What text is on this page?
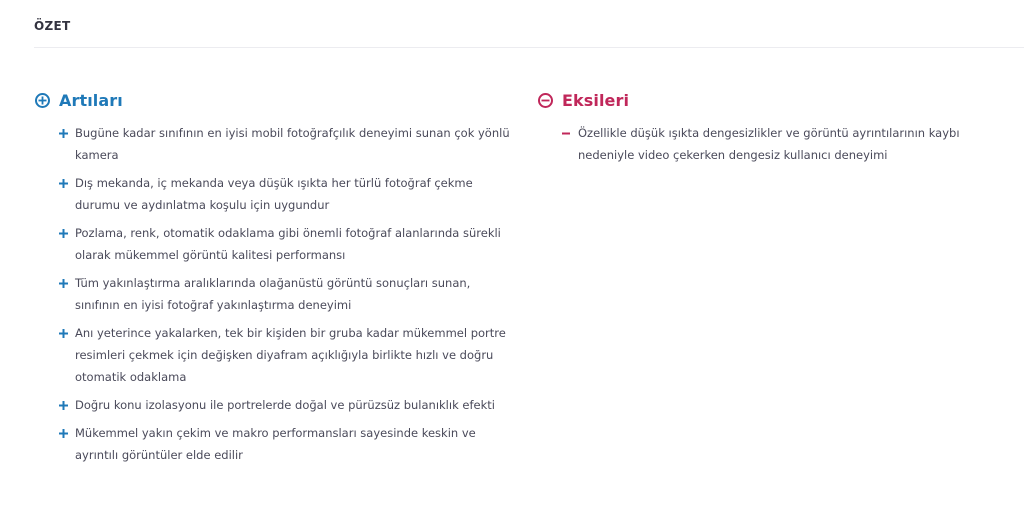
ÖZET
Artıları
Bugüne kadar sınıfının en iyisi mobil fotoğrafçılık deneyimi sunan çok yönlü kamera
Dış mekanda, iç mekanda veya düşük ışıkta her türlü fotoğraf çekme durumu ve aydınlatma koşulu için uygundur
Pozlama, renk, otomatik odaklama gibi önemli fotoğraf alanlarında sürekli olarak mükemmel görüntü kalitesi performansı
Tüm yakınlaştırma aralıklarında olağanüstü görüntü sonuçları sunan, sınıfının en iyisi fotoğraf yakınlaştırma deneyimi
Anı yeterince yakalarken, tek bir kişiden bir gruba kadar mükemmel portre resimleri çekmek için değişken diyafram açıklığıyla birlikte hızlı ve doğru otomatik odaklama
Doğru konu izolasyonu ile portrelerde doğal ve pürüzsüz bulanıklık efekti
Mükemmel yakın çekim ve makro performansları sayesinde keskin ve ayrıntılı görüntüler elde edilir
Eksileri
Özellikle düşük ışıkta dengesizlikler ve görüntü ayrıntılarının kaybı nedeniyle video çekerken dengesiz kullanıcı deneyimi
